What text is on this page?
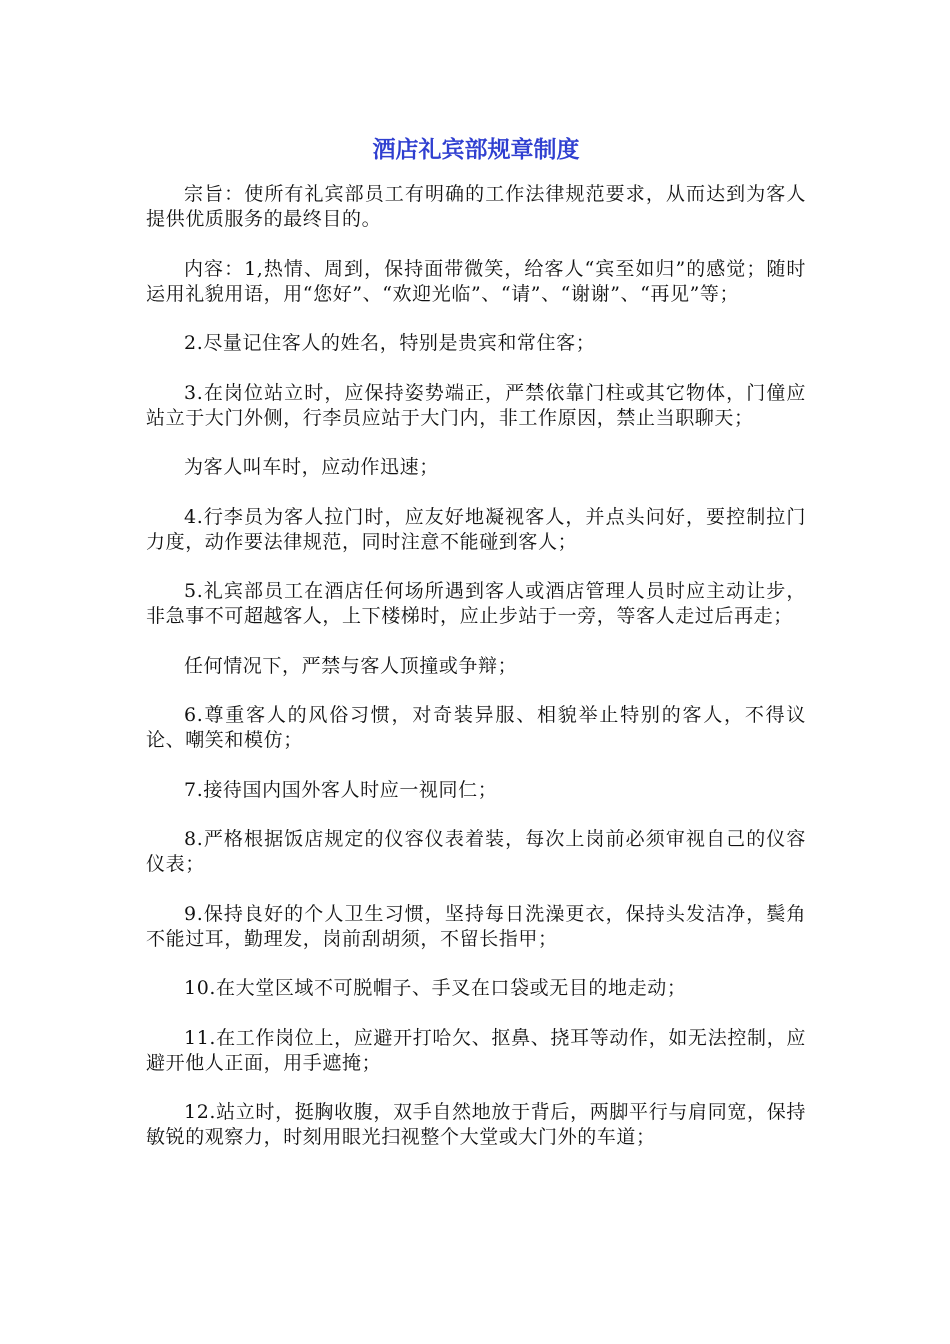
酒店礼宾部规章制度

宗旨：使所有礼宾部员工有明确的工作法律规范要求，从而达到为客人提供优质服务的最终目的。

内容：1,热情、周到，保持面带微笑，给客人“宾至如归”的感觉；随时运用礼貌用语，用“您好”、“欢迎光临”、“请”、“谢谢”、“再见”等；

2.尽量记住客人的姓名，特别是贵宾和常住客；

3.在岗位站立时，应保持姿势端正，严禁依靠门柱或其它物体，门僮应站立于大门外侧，行李员应站于大门内，非工作原因，禁止当职聊天；

为客人叫车时，应动作迅速；

4.行李员为客人拉门时，应友好地凝视客人，并点头问好，要控制拉门力度，动作要法律规范，同时注意不能碰到客人；

5.礼宾部员工在酒店任何场所遇到客人或酒店管理人员时应主动让步，非急事不可超越客人，上下楼梯时，应止步站于一旁，等客人走过后再走；

任何情况下，严禁与客人顶撞或争辩；

6.尊重客人的风俗习惯，对奇装异服、相貌举止特别的客人，不得议论、嘲笑和模仿；

7.接待国内国外客人时应一视同仁；

8.严格根据饭店规定的仪容仪表着装，每次上岗前必须审视自己的仪容仪表；

9.保持良好的个人卫生习惯，坚持每日洗澡更衣，保持头发洁净，鬓角不能过耳，勤理发，岗前刮胡须，不留长指甲；

10.在大堂区域不可脱帽子、手叉在口袋或无目的地走动；

11.在工作岗位上，应避开打哈欠、抠鼻、挠耳等动作，如无法控制，应避开他人正面，用手遮掩；

12.站立时，挺胸收腹，双手自然地放于背后，两脚平行与肩同宽，保持敏锐的观察力，时刻用眼光扫视整个大堂或大门外的车道；
